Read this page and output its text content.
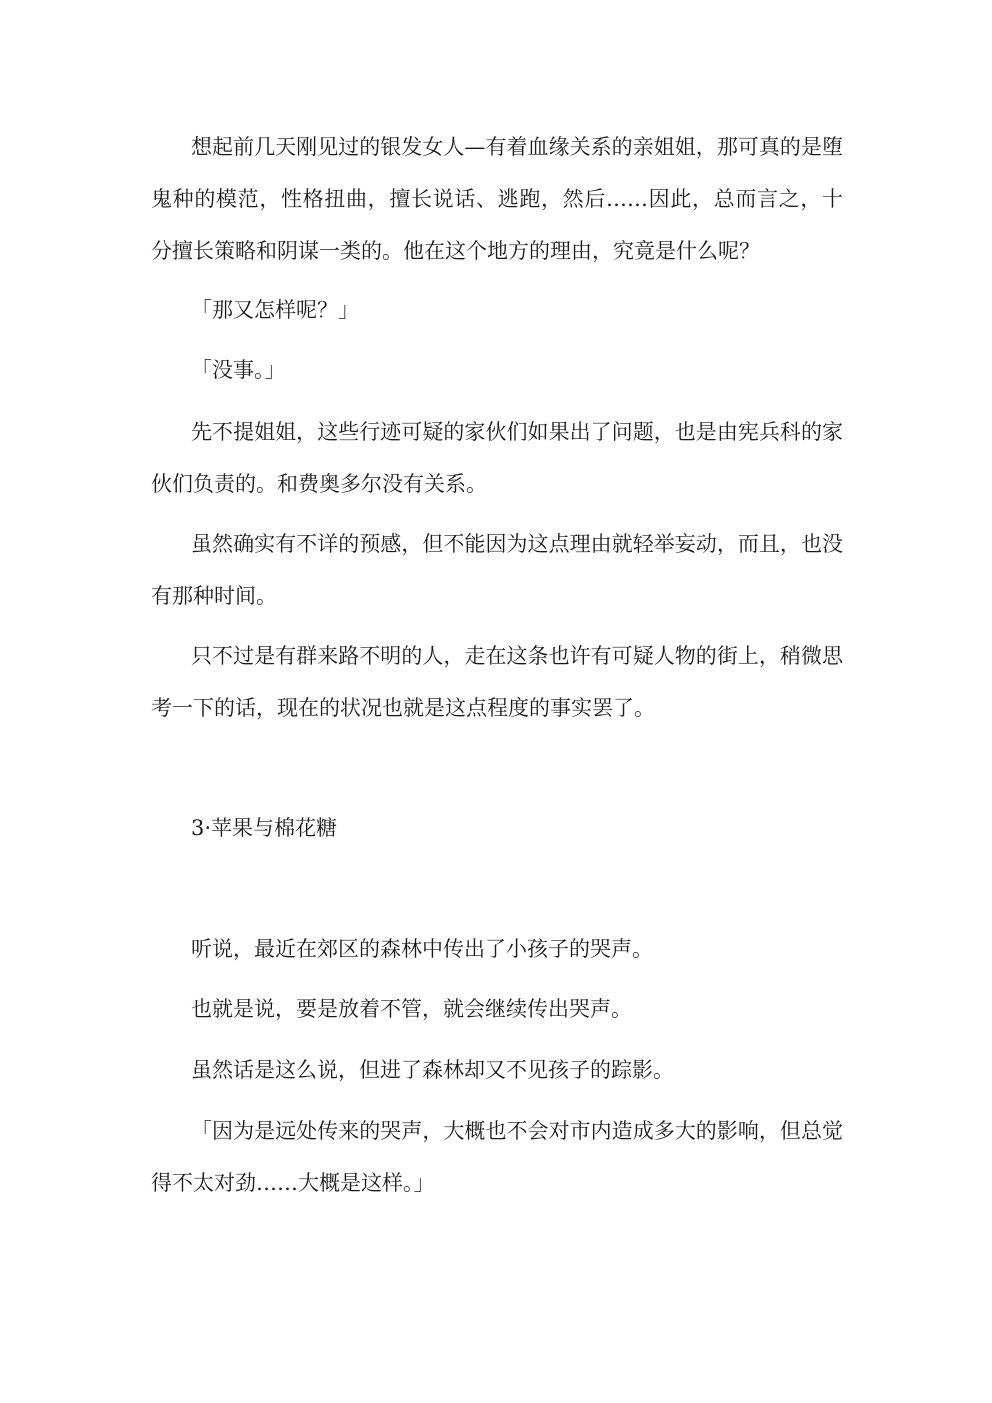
想起前几天刚见过的银发女人—有着血缘关系的亲姐姐，那可真的是堕鬼种的模范，性格扭曲，擅长说话、逃跑，然后……因此，总而言之，十分擅长策略和阴谋一类的。他在这个地方的理由，究竟是什么呢？
「那又怎样呢？」
「没事。」
先不提姐姐，这些行迹可疑的家伙们如果出了问题，也是由宪兵科的家伙们负责的。和费奥多尔没有关系。
虽然确实有不详的预感，但不能因为这点理由就轻举妄动，而且，也没有那种时间。
只不过是有群来路不明的人，走在这条也许有可疑人物的街上，稍微思考一下的话，现在的状况也就是这点程度的事实罢了。
3·苹果与棉花糖
听说，最近在郊区的森林中传出了小孩子的哭声。
也就是说，要是放着不管，就会继续传出哭声。
虽然话是这么说，但进了森林却又不见孩子的踪影。
「因为是远处传来的哭声，大概也不会对市内造成多大的影响，但总觉得不太对劲……大概是这样。」
